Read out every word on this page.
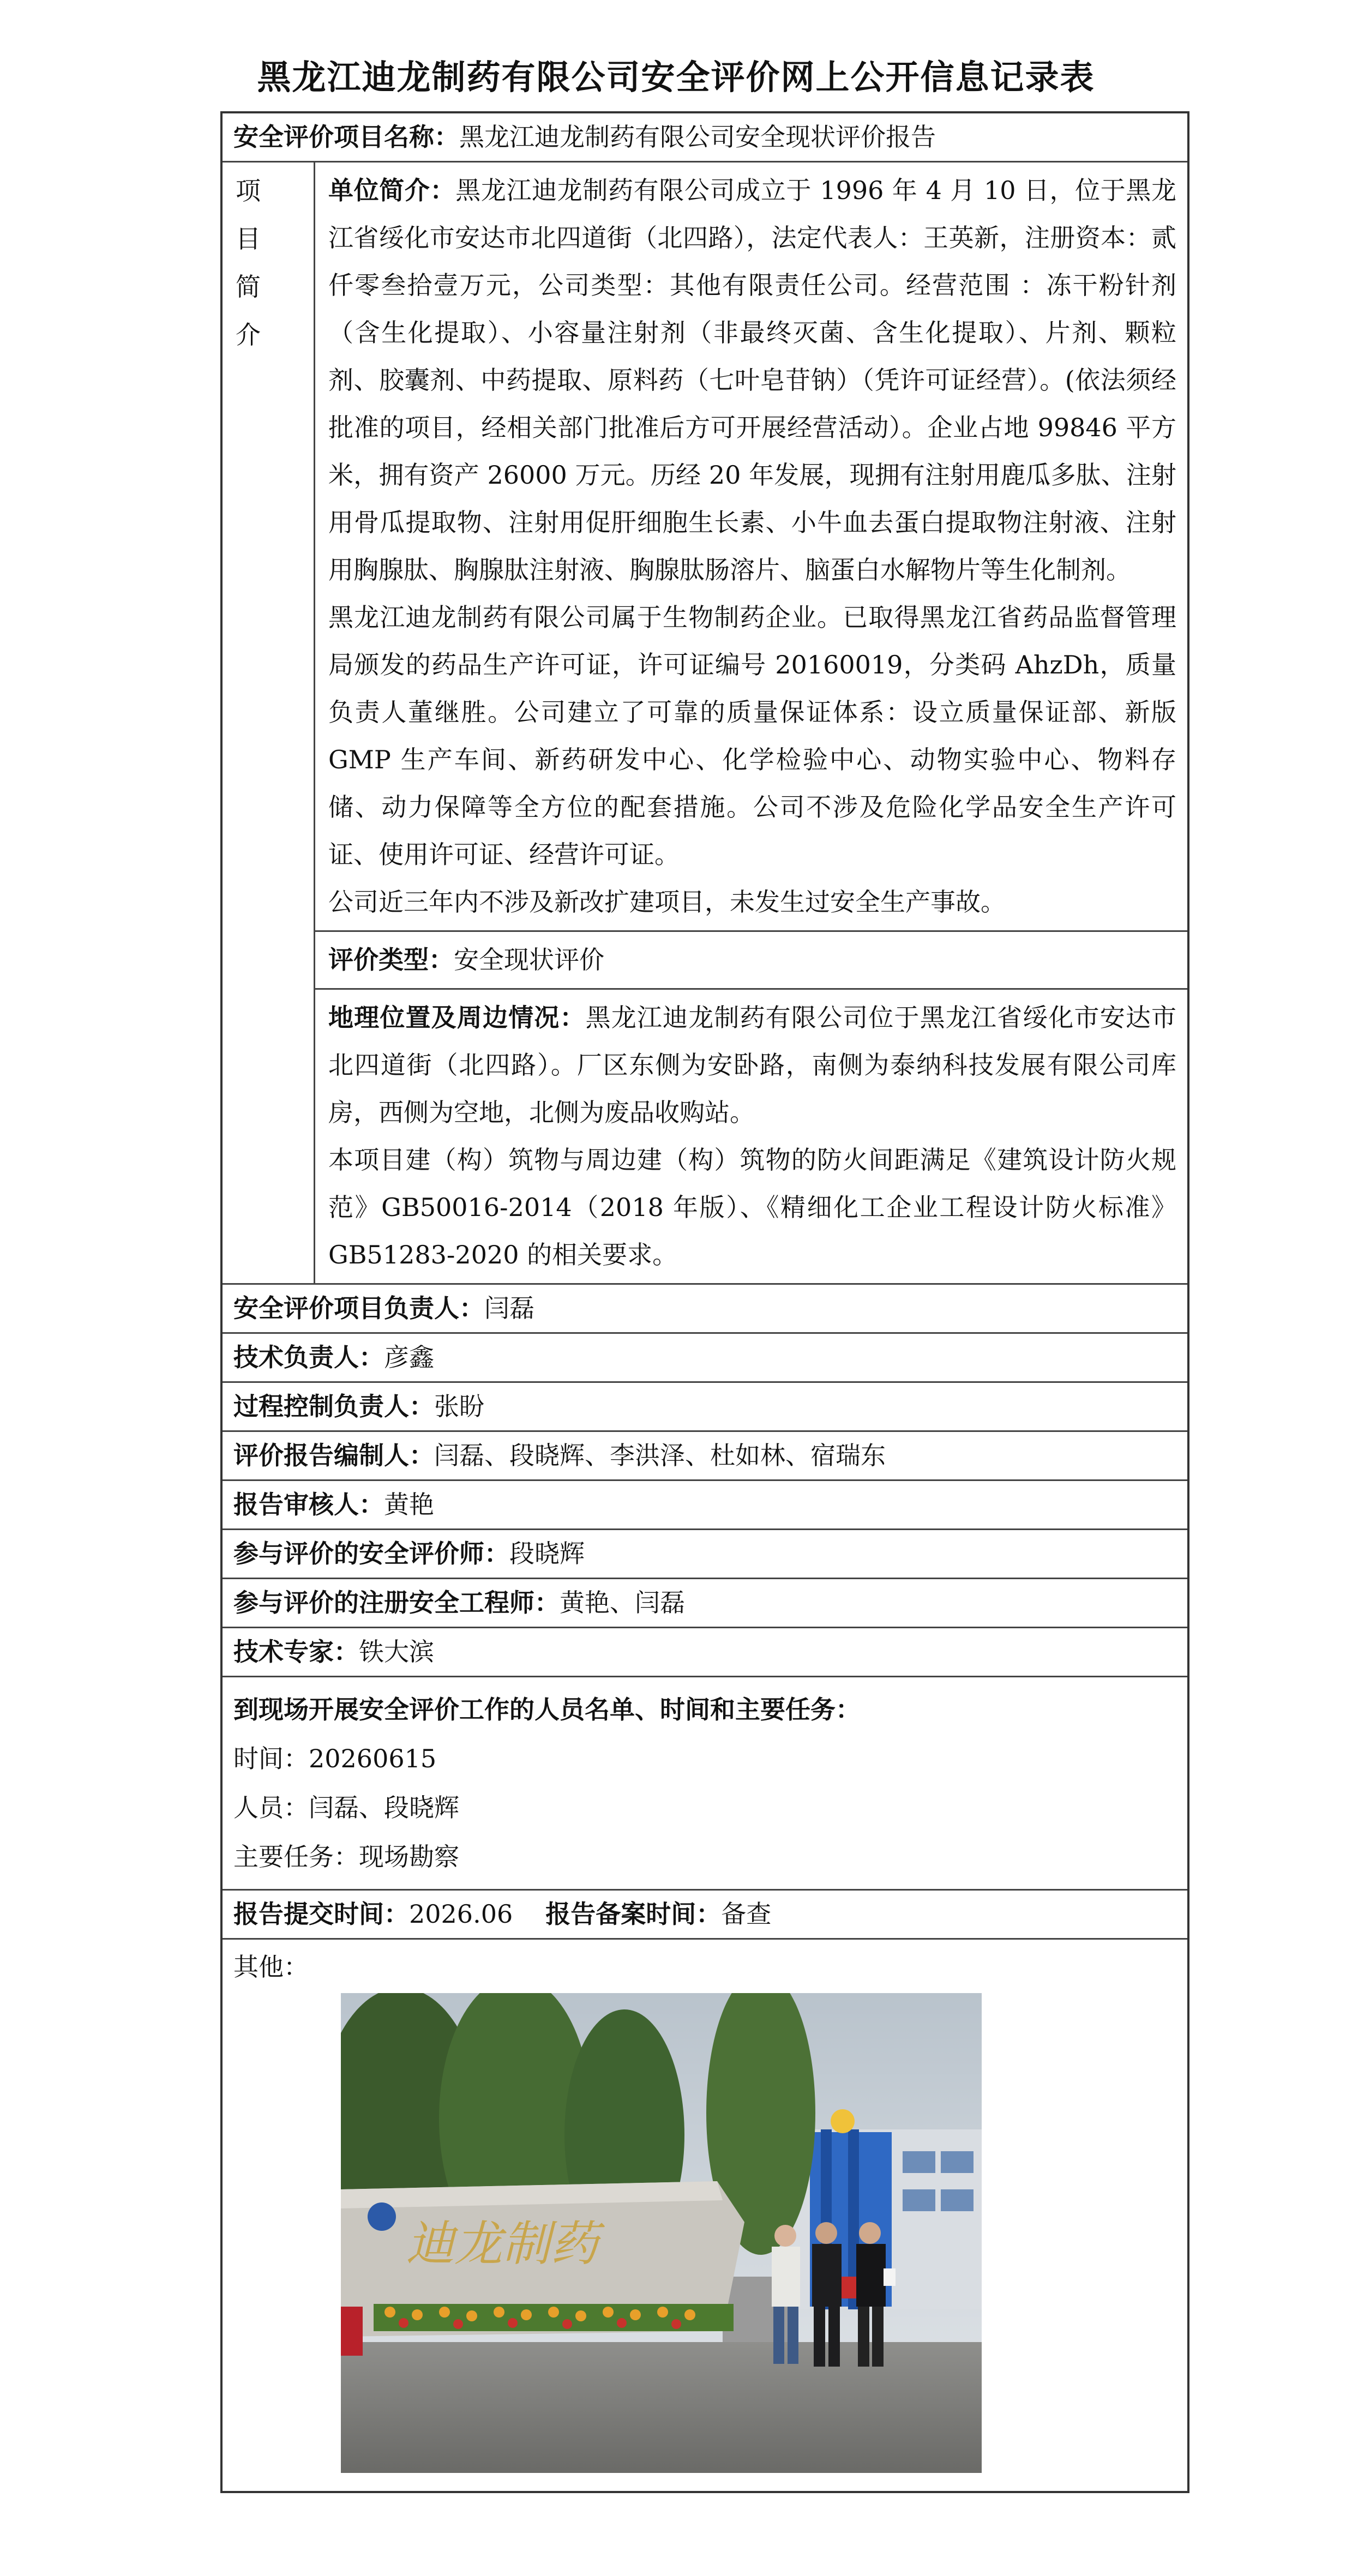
黑龙江迪龙制药有限公司安全评价网上公开信息记录表
安全评价项目名称：黑龙江迪龙制药有限公司安全现状评价报告
项 目
简 介

单位简介：黑龙江迪龙制药有限公司成立于 1996 年 4 月 10 日，位于黑龙江省绥化市安达市北四道街（北四路），法定代表人：王英新，注册资本：贰仟零叁拾壹万元，公司类型：其他有限责任公司。经营范围 ：冻干粉针剂（含生化提取）、小容量注射剂（非最终灭菌、含生化提取）、片剂、颗粒剂、胶囊剂、中药提取、原料药（七叶皂苷钠）（凭许可证经营）。(依法须经批准的项目，经相关部门批准后方可开展经营活动）。企业占地 99846 平方米，拥有资产 26000 万元。历经 20 年发展，现拥有注射用鹿瓜多肽、注射用骨瓜提取物、注射用促肝细胞生长素、小牛血去蛋白提取物注射液、注射用胸腺肽、胸腺肽注射液、胸腺肽肠溶片、脑蛋白水解物片等生化制剂。

黑龙江迪龙制药有限公司属于生物制药企业。已取得黑龙江省药品监督管理局颁发的药品生产许可证，许可证编号 20160019，分类码 AhzDh，质量负责人董继胜。公司建立了可靠的质量保证体系：设立质量保证部、新版 GMP 生产车间、新药研发中心、化学检验中心、动物实验中心、物料存储、动力保障等全方位的配套措施。公司不涉及危险化学品安全生产许可证、使用许可证、经营许可证。

公司近三年内不涉及新改扩建项目，未发生过安全生产事故。

评价类型：安全现状评价

地理位置及周边情况：黑龙江迪龙制药有限公司位于黑龙江省绥化市安达市北四道街（北四路）。厂区东侧为安卧路，南侧为泰纳科技发展有限公司库房，西侧为空地，北侧为废品收购站。

本项目建（构）筑物与周边建（构）筑物的防火间距满足《建筑设计防火规范》GB50016-2014（2018 年版）、《精细化工企业工程设计防火标准》 GB51283-2020 的相关要求。

安全评价项目负责人：闫磊
技术负责人：彦鑫
过程控制负责人：张盼
评价报告编制人：闫磊、段晓辉、李洪泽、杜如林、宿瑞东
报告审核人：黄艳
参与评价的安全评价师：段晓辉
参与评价的注册安全工程师：黄艳、闫磊
技术专家：铁大滨

到现场开展安全评价工作的人员名单、时间和主要任务：

时间：20260615

人员：闫磊、段晓辉

主要任务：现场勘察

报告提交时间：2026.06 报告备案时间：备查
其他：
迪龙制药
